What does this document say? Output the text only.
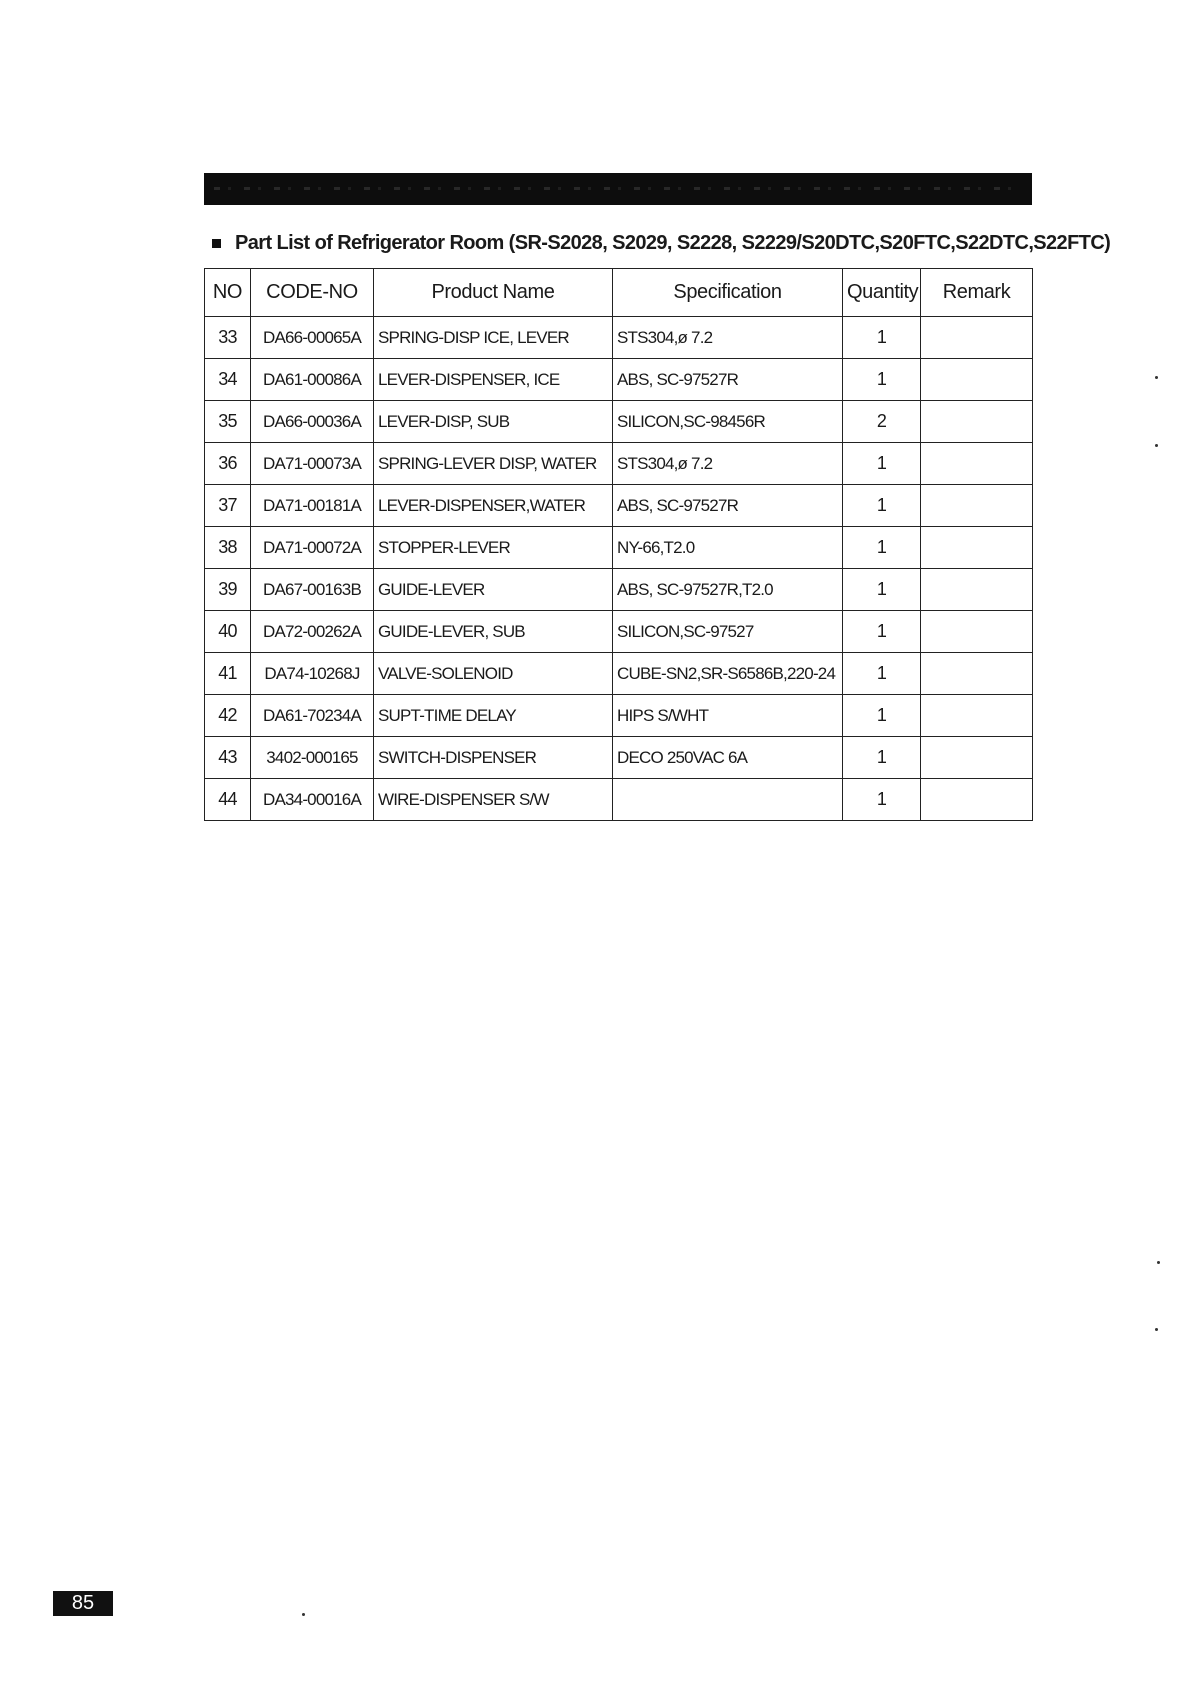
Part List of Refrigerator Room (SR-S2028, S2029, S2228, S2229/S20DTC,S20FTC,S22DTC,S22FTC)
NO	CODE-NO	Product Name	Specification	Quantity	Remark
33	DA66-00065A	SPRING-DISP ICE, LEVER	STS304,ø 7.2	1	
34	DA61-00086A	LEVER-DISPENSER, ICE	ABS, SC-97527R	1	
35	DA66-00036A	LEVER-DISP, SUB	SILICON,SC-98456R	2	
36	DA71-00073A	SPRING-LEVER DISP, WATER	STS304,ø 7.2	1	
37	DA71-00181A	LEVER-DISPENSER,WATER	ABS, SC-97527R	1	
38	DA71-00072A	STOPPER-LEVER	NY-66,T2.0	1	
39	DA67-00163B	GUIDE-LEVER	ABS, SC-97527R,T2.0	1	
40	DA72-00262A	GUIDE-LEVER, SUB	SILICON,SC-97527	1	
41	DA74-10268J	VALVE-SOLENOID	CUBE-SN2,SR-S6586B,220-24	1	
42	DA61-70234A	SUPT-TIME DELAY	HIPS S/WHT	1	
43	3402-000165	SWITCH-DISPENSER	DECO 250VAC 6A	1	
44	DA34-00016A	WIRE-DISPENSER S/W		1	
85
